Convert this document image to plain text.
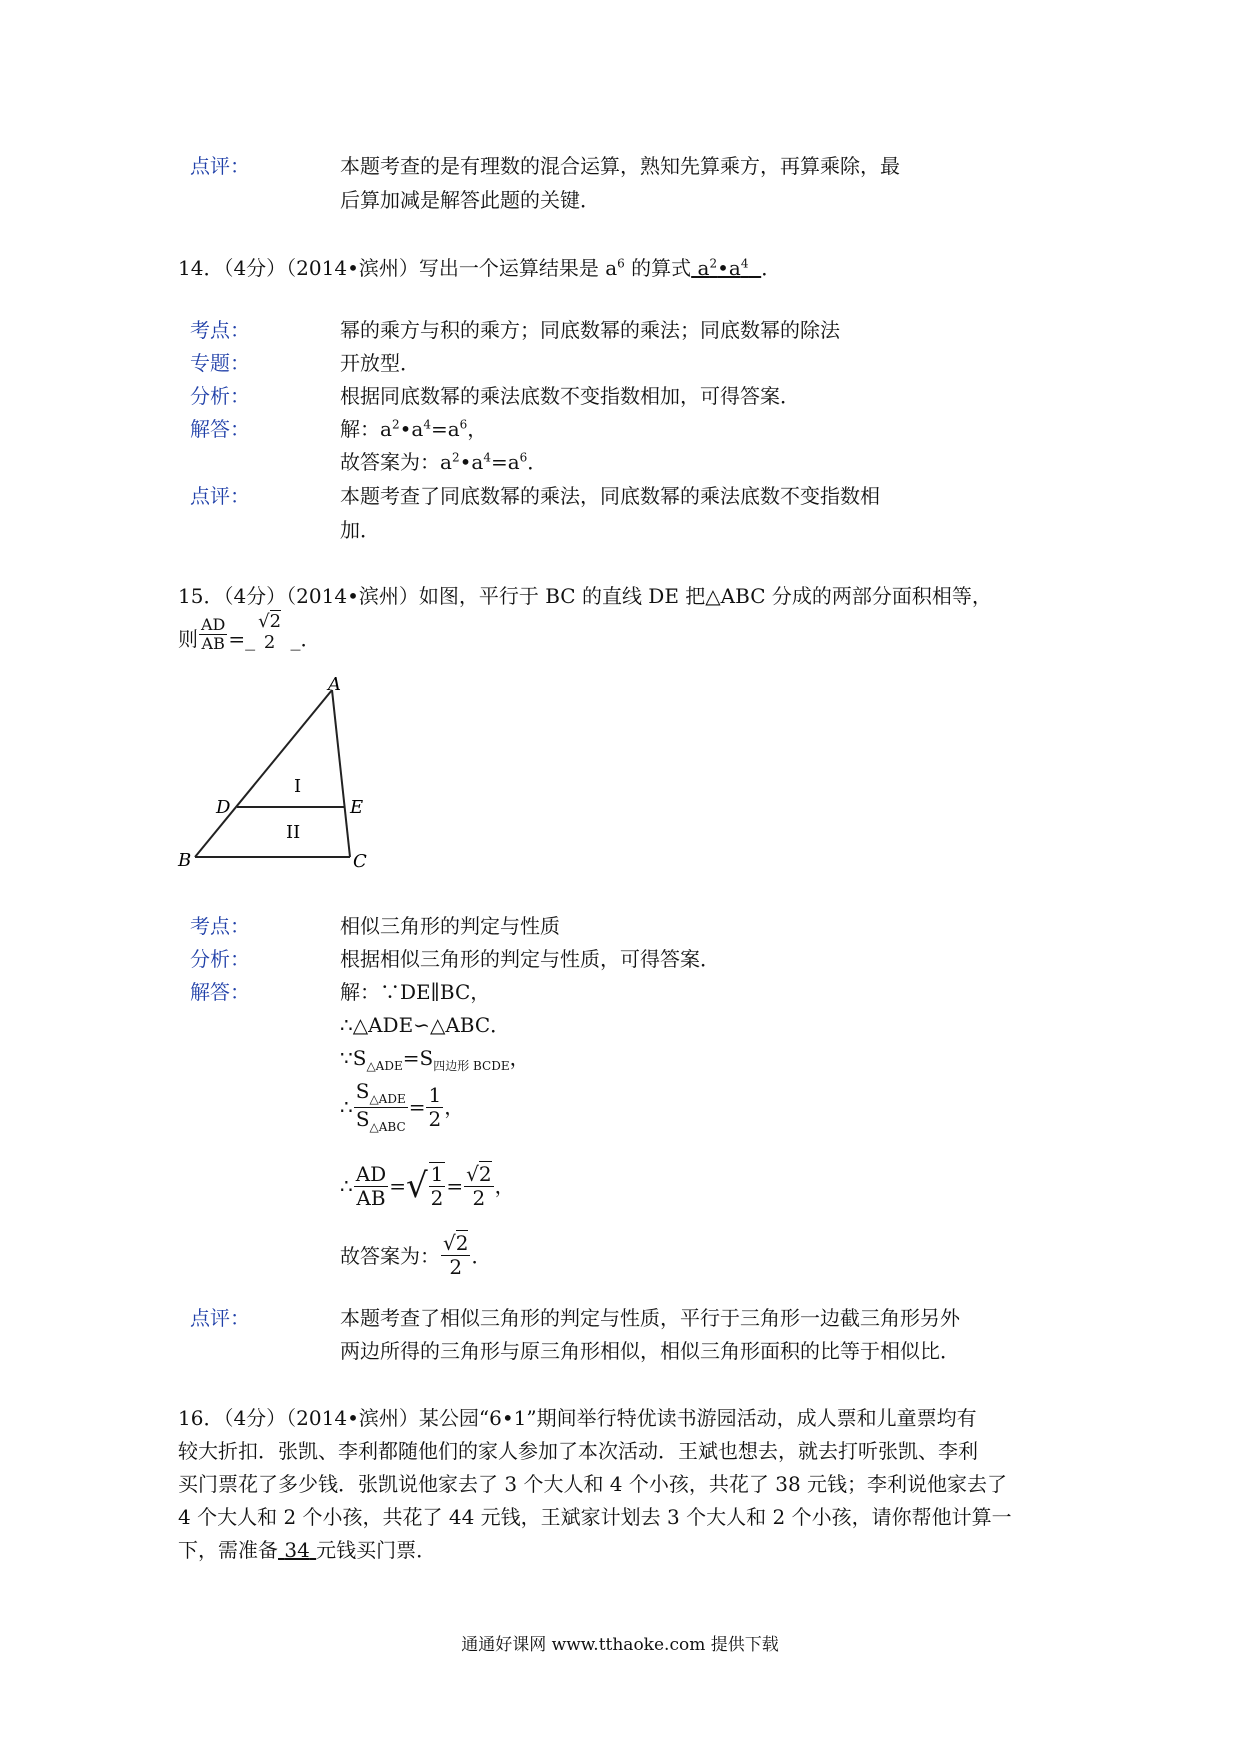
点评：	本题考查的是有理数的混合运算，熟知先算乘方，再算乘除，最
后算加减是解答此题的关键．
14．（4分）（2014•滨州）写出一个运算结果是 $a^6$ 的算式 $a^2•a^4$ ．
考点：	幂的乘方与积的乘方；同底数幂的乘法；同底数幂的除法
专题：	开放型．
分析：	根据同底数幂的乘法底数不变指数相加，可得答案．
解答：	解：$a^2•a^4=a^6$，
故答案为：$a^2•a^4=a^6$．
点评：	本题考查了同底数幂的乘法，同底数幂的乘法底数不变指数相
加．
15．（4分）（2014•滨州）如图，平行于 BC 的直线 DE 把△ABC 分成的两部分面积相等，
则 $\frac{AD}{AB}$ = _
√2
2 _ ．
A
B	C
D	E
I
II
考点：	相似三角形的判定与性质
分析：	根据相似三角形的判定与性质，可得答案．
解答：	解：∵DE∥BC，
∴△ADE∽△ABC．
$\because S_{\triangle ADE}=S_{四边形 BCDE}$，
∴ $\frac{S_{\triangle ADE}}{S_{\triangle ABC}} = \frac{1}{2}$ ，
∴ $\frac{AD}{AB}$ = √ $\frac{1}{2} = \frac{√2}{2}$ ，
故答案为： $\frac{√2}{2}$ ．
点评：	本题考查了相似三角形的判定与性质，平行于三角形一边截三角形另外
两边所得的三角形与原三角形相似，相似三角形面积的比等于相似比．
16．（4分）（2014•滨州）某公园“6•1”期间举行特优读书游园活动，成人票和儿童票均有
较大折扣．张凯、李利都随他们的家人参加了本次活动．王斌也想去，就去打听张凯、李利
买门票花了多少钱．张凯说他家去了 3 个大人和 4 个小孩，共花了 38 元钱；李利说他家去了
4 个大人和 2 个小孩，共花了 44 元钱，王斌家计划去 3 个大人和 2 个小孩，请你帮他计算一
下，需准备 34 元钱买门票．
通通好课网 www.tthaoke.com 提供下载
